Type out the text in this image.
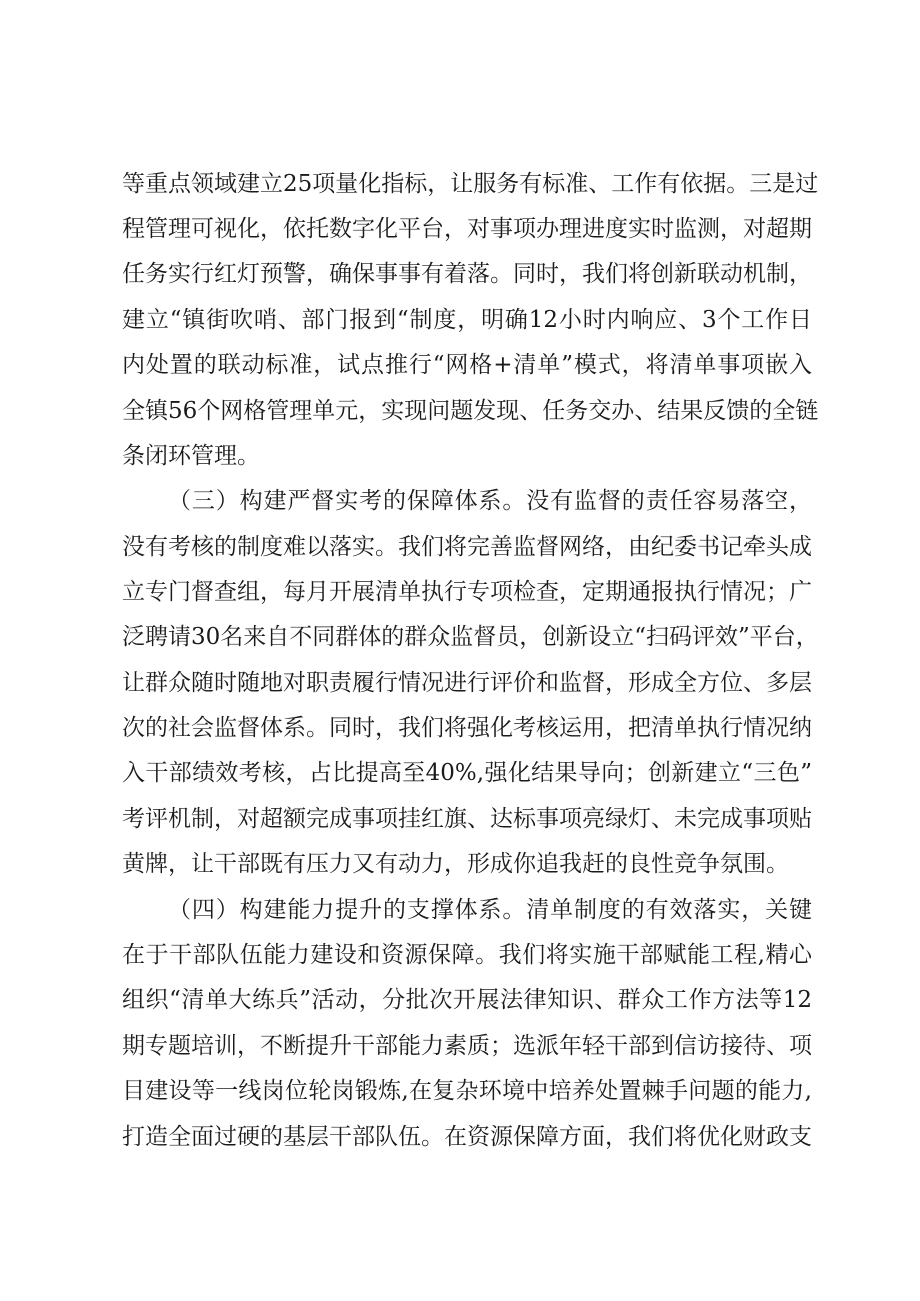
等重点领域建立25项量化指标，让服务有标准、工作有依据。三是过
程管理可视化，依托数字化平台，对事项办理进度实时监测，对超期
任务实行红灯预警，确保事事有着落。同时，我们将创新联动机制，
建立“镇街吹哨、部门报到“制度，明确12小时内响应、3个工作日
内处置的联动标准，试点推行“网格+清单”模式，将清单事项嵌入
全镇56个网格管理单元，实现问题发现、任务交办、结果反馈的全链
条闭环管理。
（三）构建严督实考的保障体系。没有监督的责任容易落空，
没有考核的制度难以落实。我们将完善监督网络，由纪委书记牵头成
立专门督查组，每月开展清单执行专项检查，定期通报执行情况；广
泛聘请30名来自不同群体的群众监督员，创新设立“扫码评效”平台，
让群众随时随地对职责履行情况进行评价和监督，形成全方位、多层
次的社会监督体系。同时，我们将强化考核运用，把清单执行情况纳
入干部绩效考核，占比提高至40%,强化结果导向；创新建立“三色”
考评机制，对超额完成事项挂红旗、达标事项亮绿灯、未完成事项贴
黄牌，让干部既有压力又有动力，形成你追我赶的良性竞争氛围。
（四）构建能力提升的支撑体系。清单制度的有效落实，关键
在于干部队伍能力建设和资源保障。我们将实施干部赋能工程,精心
组织“清单大练兵”活动，分批次开展法律知识、群众工作方法等12
期专题培训，不断提升干部能力素质；选派年轻干部到信访接待、项
目建设等一线岗位轮岗锻炼,在复杂环境中培养处置棘手问题的能力,
打造全面过硬的基层干部队伍。在资源保障方面，我们将优化财政支
